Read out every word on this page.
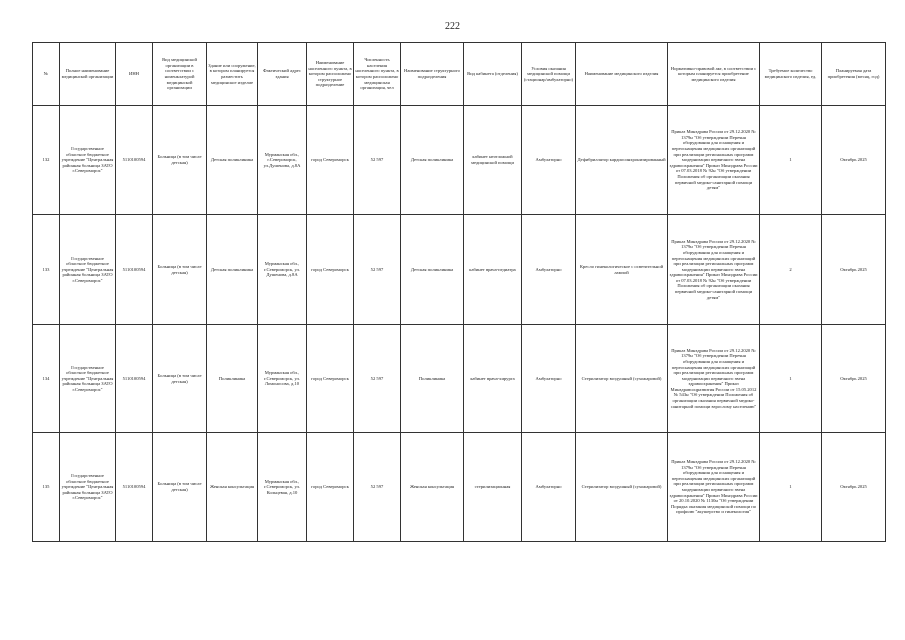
222
№	Полное наименование медицинской организации	ИНН	Вид медицинской организации в соответствии с номенклатурой медицинской организации	Здание или сооружение, в котором планируется разместить медицинское изделие	Фактический адрес здания	Наименование населенного пункта, в котором расположено структурное подразделение	Численность населения населенного пункта, в котором расположено медицинская организация, чел	Наименование структурного подразделения	Вид кабинета (отделения)	Условия оказания медицинской помощи (стационар/амбулаторно)	Наименование медицинского изделия	Нормативно-правовой акт, в соответствии с которым планируется приобретение медицинского изделия	Требуемое количество медицинского изделия, ед.	Планируемая дата приобретения (месяц, год)
132	Государственное областное бюджетное учреждение "Центральная районная больница ЗАТО г.Североморск"	5110100594	Больница (в том числе детская)	Детская поликлиника	Мурманская обл., г.Североморск, ул.Душенова, д.8А	город Североморск	52 597	Детская поликлиника	кабинет неотложной медицинской помощи	Амбулаторно	Дефибриллятор кардиосинхронизированный	Приказ Минздрава России от 29.12.2020 № 1379н "Об утверждении Перечня оборудования для оснащения и переоснащения медицинских организаций при реализации региональных программ модернизации первичного звена здравоохранения" Приказ Минздрава России от 07.03.2018 № 92н "Об утверждении Положения об организации оказания первичной медико-санитарной помощи детям"	1	Октябрь 2025
133	Государственное областное бюджетное учреждение "Центральная районная больница ЗАТО г.Североморск"	5110100594	Больница (в том числе детская)	Детская поликлиника	Мурманская обл., г.Североморск, ул. Душенова, д.8А	город Североморск	52 597	Детская поликлиника	кабинет врача-педиатра	Амбулаторно	Кресло гинекологическое с осветительной лампой	Приказ Минздрава России от 29.12.2020 № 1379н "Об утверждении Перечня оборудования для оснащения и переоснащения медицинских организаций при реализации региональных программ модернизации первичного звена здравоохранения" Приказ Минздрава России от 07.03.2018 № 92н "Об утверждении Положения об организации оказания первичной медико-санитарной помощи детям"	2	Октябрь 2025
134	Государственное областное бюджетное учреждение "Центральная районная больница ЗАТО г.Североморск"	5110100594	Больница (в том числе детская)	Поликлиника	Мурманская обл., г.Североморск, ул. Ломоносова, д.10	город Североморск	52 597	Поликлиника	кабинет врача-хирурга	Амбулаторно	Стерилизатор воздушный (сухожаровой)	Приказ Минздрава России от 29.12.2020 № 1379н "Об утверждении Перечня оборудования для оснащения и переоснащения медицинских организаций при реализации региональных программ модернизации первичного звена здравоохранения" Приказ Минздравсоцразвития России от 15.05.2012 № 543н "Об утверждении Положения об организации оказания первичной медико-санитарной помощи взрослому населению"	1	Октябрь 2025
135	Государственное областное бюджетное учреждение "Центральная районная больница ЗАТО г.Североморск"	5110100594	Больница (в том числе детская)	Женская консультация	Мурманская обл., г.Североморск, ул. Кольцевая, д.10	город Североморск	52 597	Женская консультация	стерилизационная	Амбулаторно	Стерилизатор воздушный (сухожаровой)	Приказ Минздрава России от 29.12.2020 № 1379н "Об утверждении Перечня оборудования для оснащения и переоснащения медицинских организаций при реализации региональных программ модернизации первичного звена здравоохранения" Приказ Минздрава России от 20.10.2020 № 1130н "Об утверждении Порядка оказания медицинской помощи по профилю "акушерство и гинекология"	1	Октябрь 2025
